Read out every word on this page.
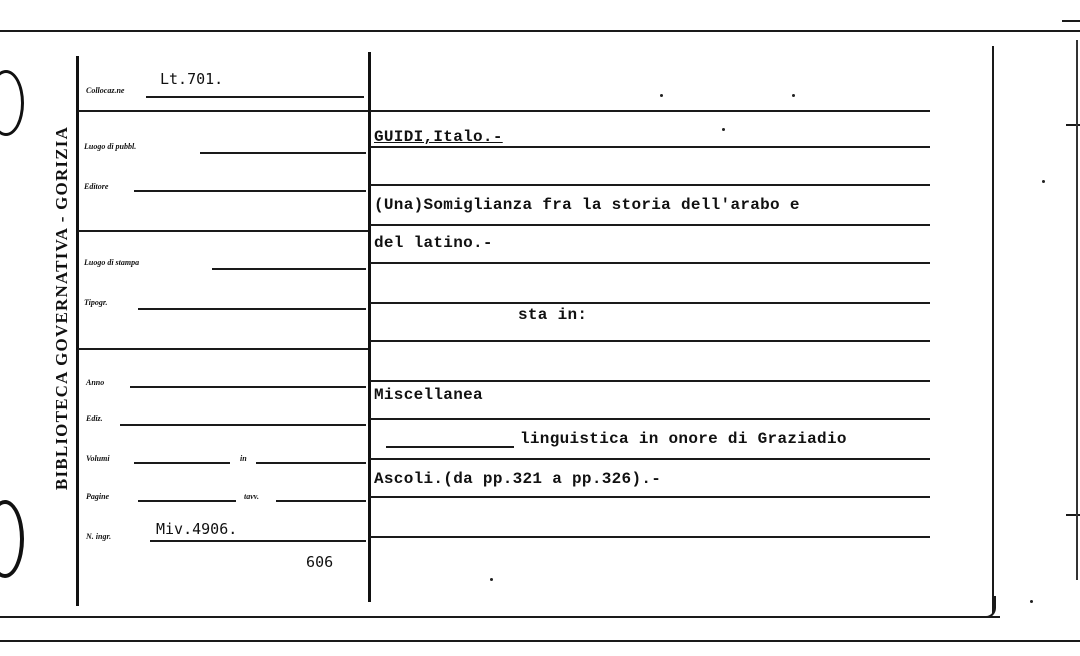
BIBLIOTECA GOVERNATIVA - GORIZIA
Collocaz.ne
Lt.701.
Luogo di pubbl.
Editore
Luogo di stampa
Tipogr.
Anno
Ediz.
Volumi	in
Pagine	tavv.
N. ingr.	Miv.4906.
909
GUIDI,Italo.-
(Una)Somiglianza fra la storia dell'arabo e
del latino.-
sta in:
Miscellanea
linguistica in onore di Graziadio
Ascoli.(da pp.321 a pp.326).-
